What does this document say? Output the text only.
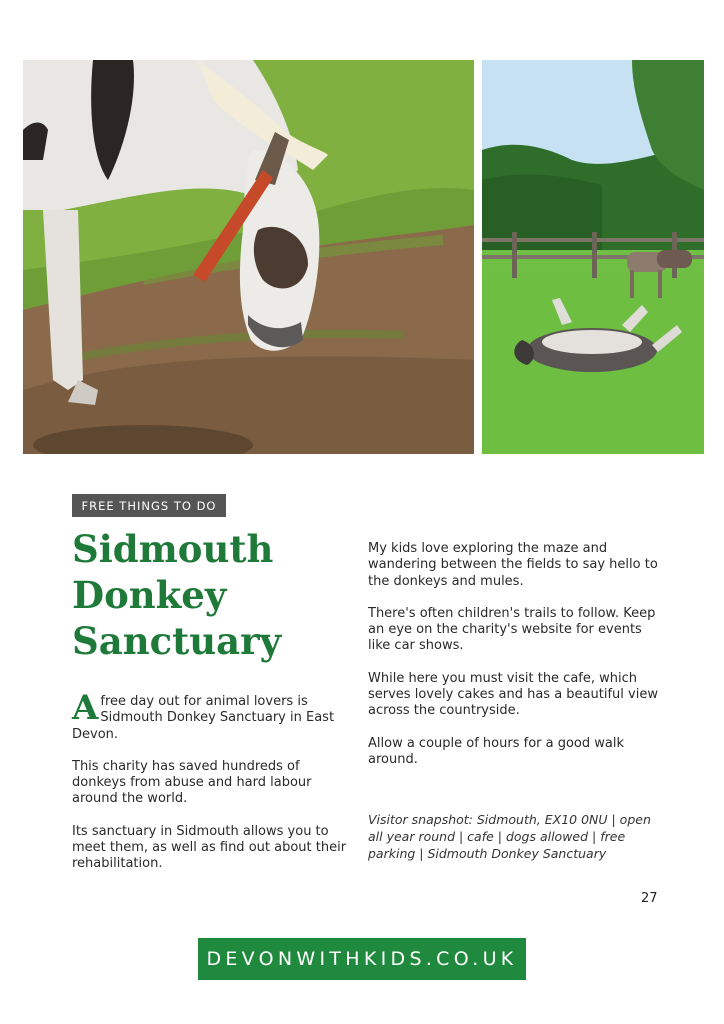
FREE THINGS TO DO
Sidmouth
Donkey
Sanctuary

A free day out for animal lovers is Sidmouth Donkey Sanctuary in East Devon.

This charity has saved hundreds of donkeys from abuse and hard labour around the world.

Its sanctuary in Sidmouth allows you to meet them, as well as find out about their rehabilitation.

My kids love exploring the maze and wandering between the fields to say hello to the donkeys and mules.

There's often children's trails to follow. Keep an eye on the charity's website for events like car shows.

While here you must visit the cafe, which serves lovely cakes and has a beautiful view across the countryside.

Allow a couple of hours for a good walk around.

Visitor snapshot: Sidmouth, EX10 0NU | open all year round | cafe | dogs allowed | free parking | Sidmouth Donkey Sanctuary
27
DEVONWITHKIDS.CO.UK
